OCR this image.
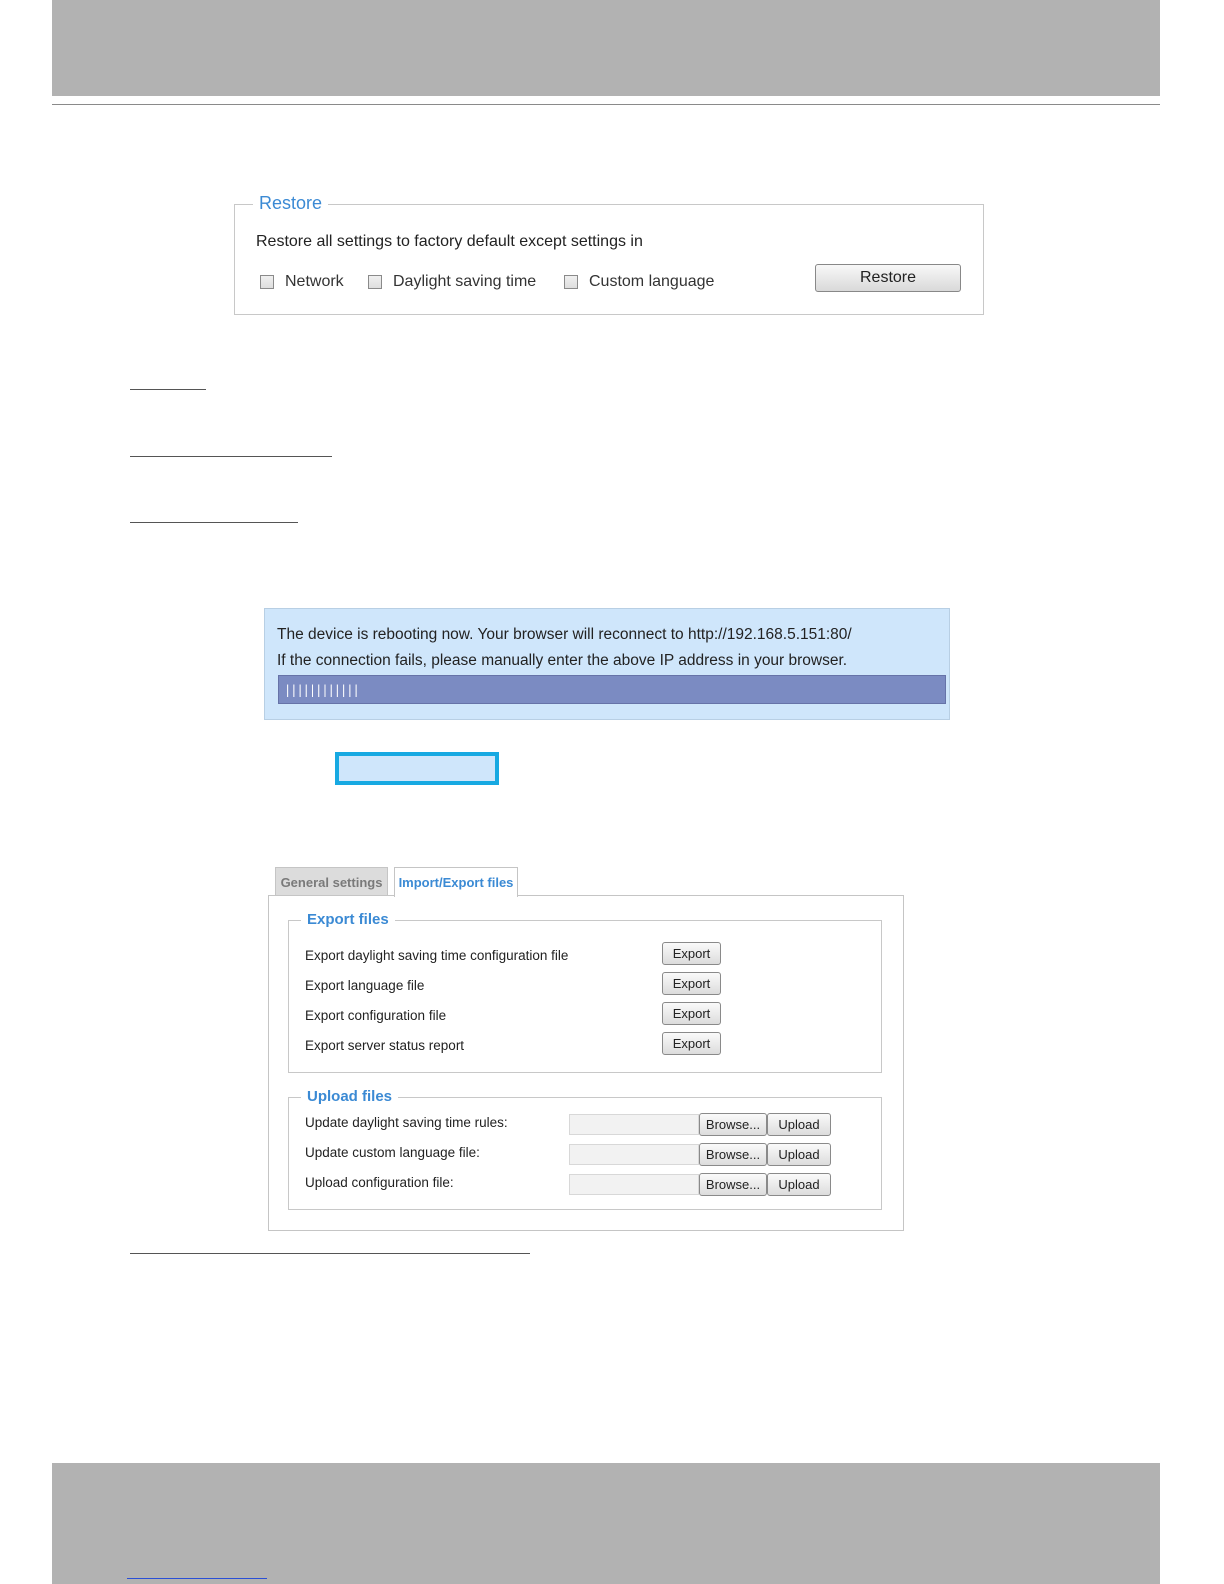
Restore
Restore all settings to factory default except settings in
Network	Daylight saving time	Custom language	Restore
The device is rebooting now. Your browser will reconnect to http://192.168.5.151:80/
If the connection fails, please manually enter the above IP address in your browser.
||||||||||||
General settings	Import/Export files
Export files
Export daylight saving time configuration file	Export
Export language file	Export
Export configuration file	Export
Export server status report	Export
Upload files
Update daylight saving time rules:	Browse...	Upload
Update custom language file:	Browse...	Upload
Upload configuration file:	Browse...	Upload
